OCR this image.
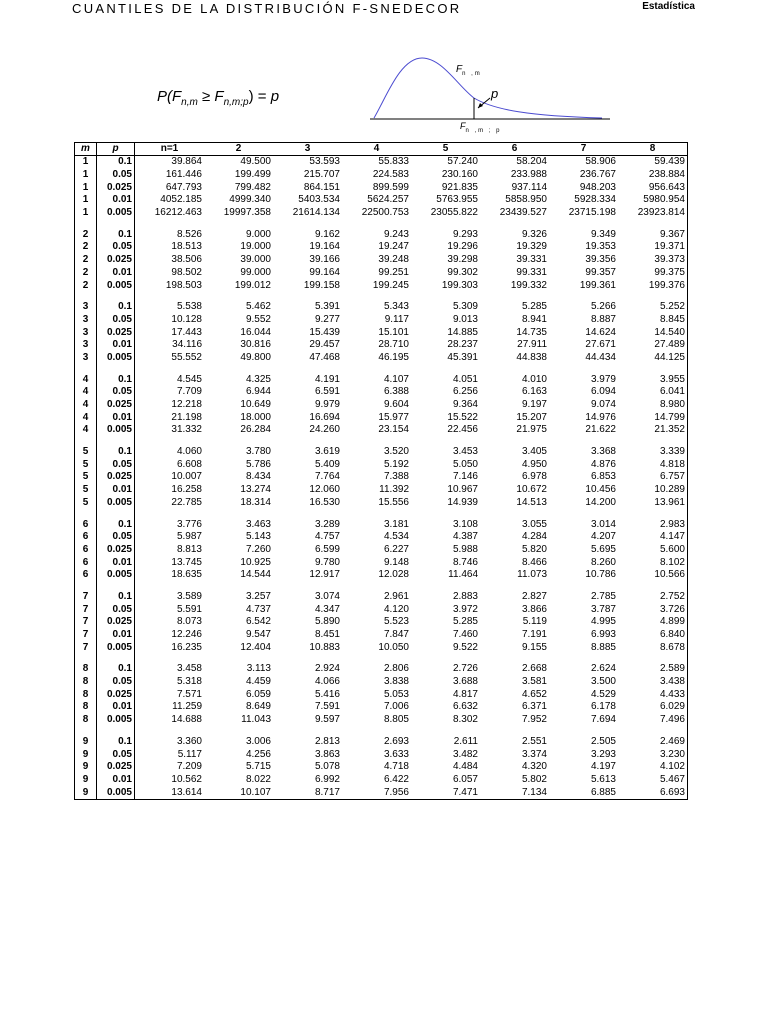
CUANTILES DE LA DISTRIBUCIÓN F-SNEDECOR	Estadística
$P(F_{n,m} \ge F_{n,m;p}) = p$
$F_{n ,m}$
p
$F_{n ,m ; p}$
m	p	n=1	2	3	4	5	6	7	8
1	0.1	39.864	49.500	53.593	55.833	57.240	58.204	58.906	59.439
1	0.05	161.446	199.499	215.707	224.583	230.160	233.988	236.767	238.884
1	0.025	647.793	799.482	864.151	899.599	921.835	937.114	948.203	956.643
1	0.01	4052.185	4999.340	5403.534	5624.257	5763.955	5858.950	5928.334	5980.954
1	0.005	16212.463	19997.358	21614.134	22500.753	23055.822	23439.527	23715.198	23923.814

2	0.1	8.526	9.000	9.162	9.243	9.293	9.326	9.349	9.367
2	0.05	18.513	19.000	19.164	19.247	19.296	19.329	19.353	19.371
2	0.025	38.506	39.000	39.166	39.248	39.298	39.331	39.356	39.373
2	0.01	98.502	99.000	99.164	99.251	99.302	99.331	99.357	99.375
2	0.005	198.503	199.012	199.158	199.245	199.303	199.332	199.361	199.376

3	0.1	5.538	5.462	5.391	5.343	5.309	5.285	5.266	5.252
3	0.05	10.128	9.552	9.277	9.117	9.013	8.941	8.887	8.845
3	0.025	17.443	16.044	15.439	15.101	14.885	14.735	14.624	14.540
3	0.01	34.116	30.816	29.457	28.710	28.237	27.911	27.671	27.489
3	0.005	55.552	49.800	47.468	46.195	45.391	44.838	44.434	44.125

4	0.1	4.545	4.325	4.191	4.107	4.051	4.010	3.979	3.955
4	0.05	7.709	6.944	6.591	6.388	6.256	6.163	6.094	6.041
4	0.025	12.218	10.649	9.979	9.604	9.364	9.197	9.074	8.980
4	0.01	21.198	18.000	16.694	15.977	15.522	15.207	14.976	14.799
4	0.005	31.332	26.284	24.260	23.154	22.456	21.975	21.622	21.352

5	0.1	4.060	3.780	3.619	3.520	3.453	3.405	3.368	3.339
5	0.05	6.608	5.786	5.409	5.192	5.050	4.950	4.876	4.818
5	0.025	10.007	8.434	7.764	7.388	7.146	6.978	6.853	6.757
5	0.01	16.258	13.274	12.060	11.392	10.967	10.672	10.456	10.289
5	0.005	22.785	18.314	16.530	15.556	14.939	14.513	14.200	13.961

6	0.1	3.776	3.463	3.289	3.181	3.108	3.055	3.014	2.983
6	0.05	5.987	5.143	4.757	4.534	4.387	4.284	4.207	4.147
6	0.025	8.813	7.260	6.599	6.227	5.988	5.820	5.695	5.600
6	0.01	13.745	10.925	9.780	9.148	8.746	8.466	8.260	8.102
6	0.005	18.635	14.544	12.917	12.028	11.464	11.073	10.786	10.566

7	0.1	3.589	3.257	3.074	2.961	2.883	2.827	2.785	2.752
7	0.05	5.591	4.737	4.347	4.120	3.972	3.866	3.787	3.726
7	0.025	8.073	6.542	5.890	5.523	5.285	5.119	4.995	4.899
7	0.01	12.246	9.547	8.451	7.847	7.460	7.191	6.993	6.840
7	0.005	16.235	12.404	10.883	10.050	9.522	9.155	8.885	8.678

8	0.1	3.458	3.113	2.924	2.806	2.726	2.668	2.624	2.589
8	0.05	5.318	4.459	4.066	3.838	3.688	3.581	3.500	3.438
8	0.025	7.571	6.059	5.416	5.053	4.817	4.652	4.529	4.433
8	0.01	11.259	8.649	7.591	7.006	6.632	6.371	6.178	6.029
8	0.005	14.688	11.043	9.597	8.805	8.302	7.952	7.694	7.496

9	0.1	3.360	3.006	2.813	2.693	2.611	2.551	2.505	2.469
9	0.05	5.117	4.256	3.863	3.633	3.482	3.374	3.293	3.230
9	0.025	7.209	5.715	5.078	4.718	4.484	4.320	4.197	4.102
9	0.01	10.562	8.022	6.992	6.422	6.057	5.802	5.613	5.467
9	0.005	13.614	10.107	8.717	7.956	7.471	7.134	6.885	6.693
